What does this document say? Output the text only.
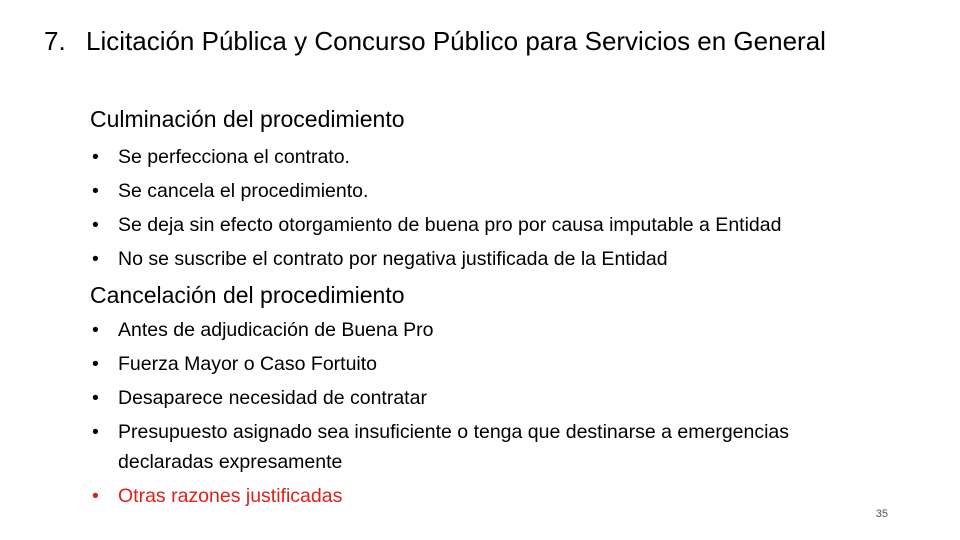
7. Licitación Pública y Concurso Público para Servicios en General
Culminación del procedimiento
• Se perfecciona el contrato.
• Se cancela el procedimiento.
• Se deja sin efecto otorgamiento de buena pro por causa imputable a Entidad
• No se suscribe el contrato por negativa justificada de la Entidad
Cancelación del procedimiento
• Antes de adjudicación de Buena Pro
• Fuerza Mayor o Caso Fortuito
• Desaparece necesidad de contratar
• Presupuesto asignado sea insuficiente o tenga que destinarse a emergencias declaradas expresamente
• Otras razones justificadas
35
